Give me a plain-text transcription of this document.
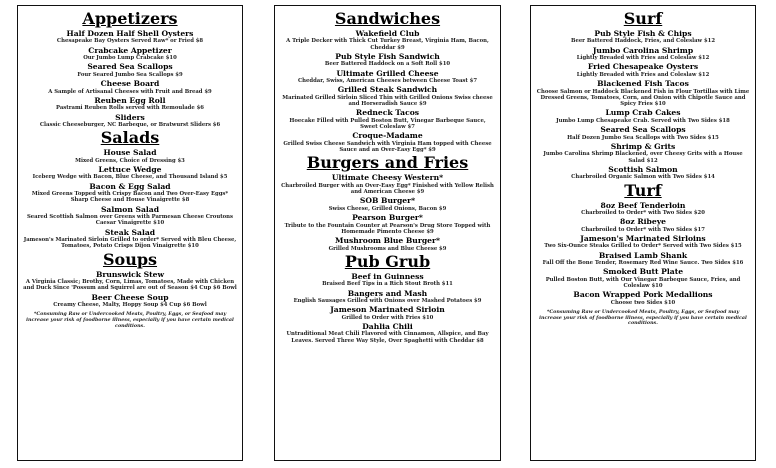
Appetizers
Half Dozen Half Shell Oysters
Chesapeake Bay Oysters Served Raw* or Fried $8
Crabcake Appetizer
Our Jumbo Lump Crabcake $10
Seared Sea Scallops
Four Seared Jumbo Sea Scallops $9
Cheese Board
A Sample of Artisanal Cheeses with Fruit and Bread $9
Reuben Egg Roll
Pastrami Reuben Rolls served with Remoulade $6
Sliders
Classic Cheeseburger, NC Barbeque, or Bratwurst Sliders $6
Salads
House Salad
Mixed Greens, Choice of Dressing $3
Lettuce Wedge
Iceberg Wedge with Bacon, Blue Cheese, and Thousand Island $5
Bacon & Egg Salad
Mixed Greens Topped with Crispy Bacon and Two Over-Easy Eggs* Sharp Cheese and House Vinaigrette $8
Salmon Salad
Seared Scottish Salmon over Greens with Parmesan Cheese Croutons Caesar Vinaigrette $10
Steak Salad
Jameson's Marinated Sirloin Grilled to order* Served with Bleu Cheese, Tomatoes, Potato Crisps Dijon Vinaigrette $10
Soups
Brunswick Stew
A Virginia Classic; Brothy, Corn, Limas, Tomatoes, Made with Chicken and Duck Since 'Possum and Squirrel are out of Season $4 Cup $6 Bowl
Beer Cheese Soup
Creamy Cheese, Malty, Hoppy Soup $4 Cup $6 Bowl
*Consuming Raw or Undercooked Meats, Poultry, Eggs, or Seafood may increase your risk of foodborne illness, especially if you have certain medical conditions.
Sandwiches
Wakefield Club
A Triple Decker with Thick Cut Turkey Breast, Virginia Ham, Bacon, Cheddar $9
Pub Style Fish Sandwich
Beer Battered Haddock on a Soft Roll $10
Ultimate Grilled Cheese
Cheddar, Swiss, American Cheeses between Cheese Toast $7
Grilled Steak Sandwich
Marinated Grilled Sirloin Sliced Thin with Grilled Onions Swiss cheese and Horseradish Sauce $9
Redneck Tacos
Hoecake Filled with Pulled Boston Butt, Vinegar Barbeque Sauce, Sweet Coleslaw $7
Croque-Madame
Grilled Swiss Cheese Sandwich with Virginia Ham topped with Cheese Sauce and an Over-Easy Egg* $9
Burgers and Fries
Ultimate Cheesy Western*
Charbroiled Burger with an Over-Easy Egg* Finished with Yellow Relish and American Cheese $9
SOB Burger*
Swiss Cheese, Grilled Onions, Bacon $9
Pearson Burger*
Tribute to the Fountain Counter at Pearson's Drug Store Topped with Homemade Pimento Cheese $9
Mushroom Blue Burger*
Grilled Mushrooms and Blue Cheese $9
Pub Grub
Beef in Guinness
Braised Beef Tips in a Rich Stout Broth $11
Bangers and Mash
English Sausages Grilled with Onions over Mashed Potatoes $9
Jameson Marinated Sirloin
Grilled to Order with Fries $10
Dahlia Chili
Untraditional Meat Chili Flavored with Cinnamon, Allspice, and Bay Leaves. Served Three Way Style, Over Spaghetti with Cheddar $8
Surf
Pub Style Fish & Chips
Beer Battered Haddock, Fries, and Coleslaw $12
Jumbo Carolina Shrimp
Lightly Breaded with Fries and Coleslaw $12
Fried Chesapeake Oysters
Lightly Breaded with Fries and Coleslaw $12
Blackened Fish Tacos
Choose Salmon or Haddock Blackened Fish in Flour Tortillas with Lime Dressed Greens, Tomatoes, Corn, and Onion with Chipotle Sauce and Spicy Fries $10
Lump Crab Cakes
Jumbo Lump Chesapeake Crab. Served with Two Sides $18
Seared Sea Scallops
Half Dozen Jumbo Sea Scallops with Two Sides $15
Shrimp & Grits
Jumbo Carolina Shrimp Blackened, over Cheesy Grits with a House Salad $12
Scottish Salmon
Charbroiled Organic Salmon with Two Sides $14
Turf
8oz Beef Tenderloin
Charbroiled to Order* with Two Sides $20
8oz Ribeye
Charbroiled to Order* with Two Sides $17
Jameson's Marinated Sirloins
Two Six-Ounce Steaks Grilled to Order* Served with Two Sides $15
Braised Lamb Shank
Fall Off the Bone Tender, Rosemary Red Wine Sauce. Two Sides $16
Smoked Butt Plate
Pulled Boston Butt, with Our Vinegar Barbeque Sauce, Fries, and Coleslaw $10
Bacon Wrapped Pork Medallions
Choose two Sides $10
*Consuming Raw or Undercooked Meats, Poultry, Eggs, or Seafood may increase your risk of foodborne illness, especially if you have certain medical conditions.
